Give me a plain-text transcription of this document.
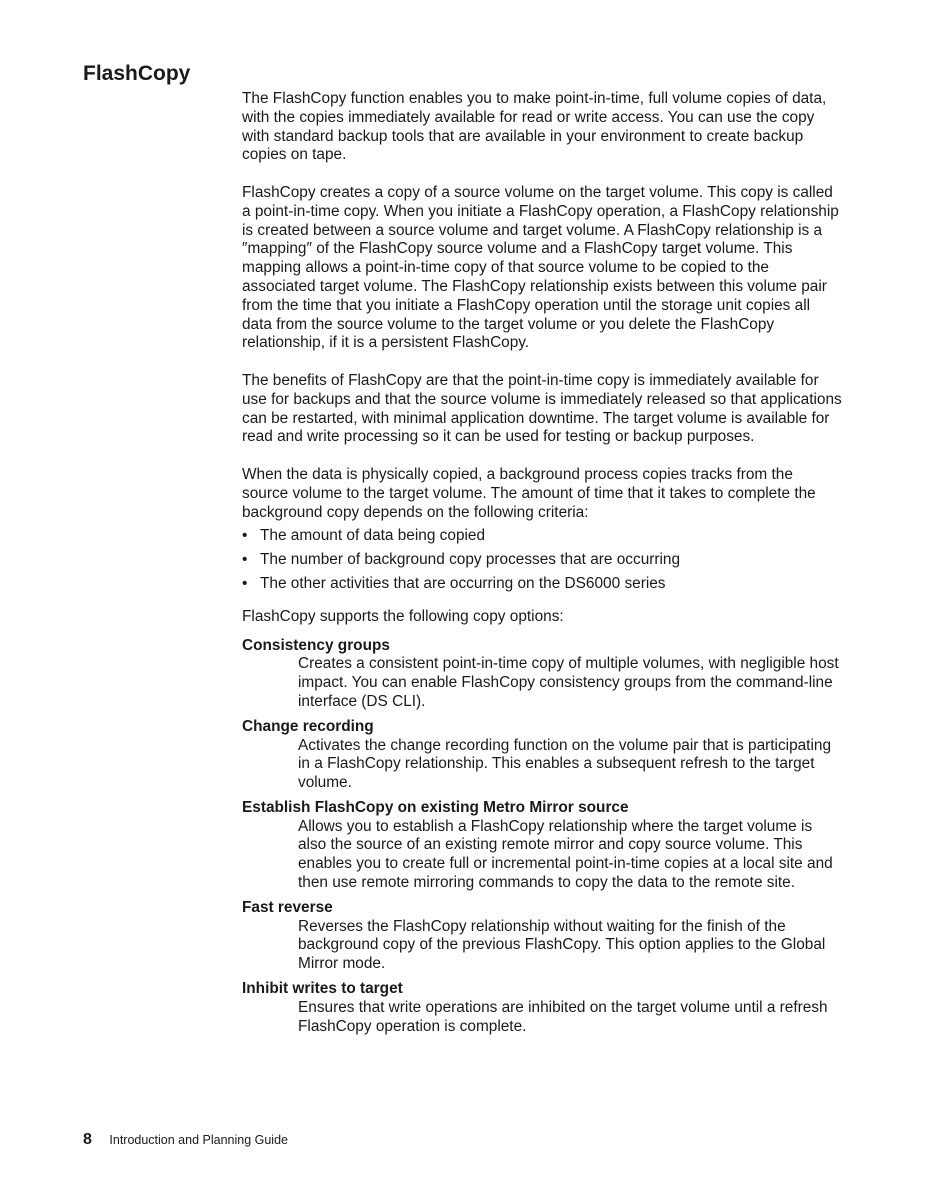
FlashCopy

The FlashCopy function enables you to make point-in-time, full volume copies of data, with the copies immediately available for read or write access. You can use the copy with standard backup tools that are available in your environment to create backup copies on tape.

FlashCopy creates a copy of a source volume on the target volume. This copy is called a point-in-time copy. When you initiate a FlashCopy operation, a FlashCopy relationship is created between a source volume and target volume. A FlashCopy relationship is a ″mapping″ of the FlashCopy source volume and a FlashCopy target volume. This mapping allows a point-in-time copy of that source volume to be copied to the associated target volume. The FlashCopy relationship exists between this volume pair from the time that you initiate a FlashCopy operation until the storage unit copies all data from the source volume to the target volume or you delete the FlashCopy relationship, if it is a persistent FlashCopy.

The benefits of FlashCopy are that the point-in-time copy is immediately available for use for backups and that the source volume is immediately released so that applications can be restarted, with minimal application downtime. The target volume is available for read and write processing so it can be used for testing or backup purposes.

When the data is physically copied, a background process copies tracks from the source volume to the target volume. The amount of time that it takes to complete the background copy depends on the following criteria:

• The amount of data being copied
• The number of background copy processes that are occurring
• The other activities that are occurring on the DS6000 series

FlashCopy supports the following copy options:

Consistency groups
Creates a consistent point-in-time copy of multiple volumes, with negligible host impact. You can enable FlashCopy consistency groups from the command-line interface (DS CLI).
Change recording
Activates the change recording function on the volume pair that is participating in a FlashCopy relationship. This enables a subsequent refresh to the target volume.
Establish FlashCopy on existing Metro Mirror source
Allows you to establish a FlashCopy relationship where the target volume is also the source of an existing remote mirror and copy source volume. This enables you to create full or incremental point-in-time copies at a local site and then use remote mirroring commands to copy the data to the remote site.
Fast reverse
Reverses the FlashCopy relationship without waiting for the finish of the background copy of the previous FlashCopy. This option applies to the Global Mirror mode.
Inhibit writes to target
Ensures that write operations are inhibited on the target volume until a refresh FlashCopy operation is complete.
8 Introduction and Planning Guide
